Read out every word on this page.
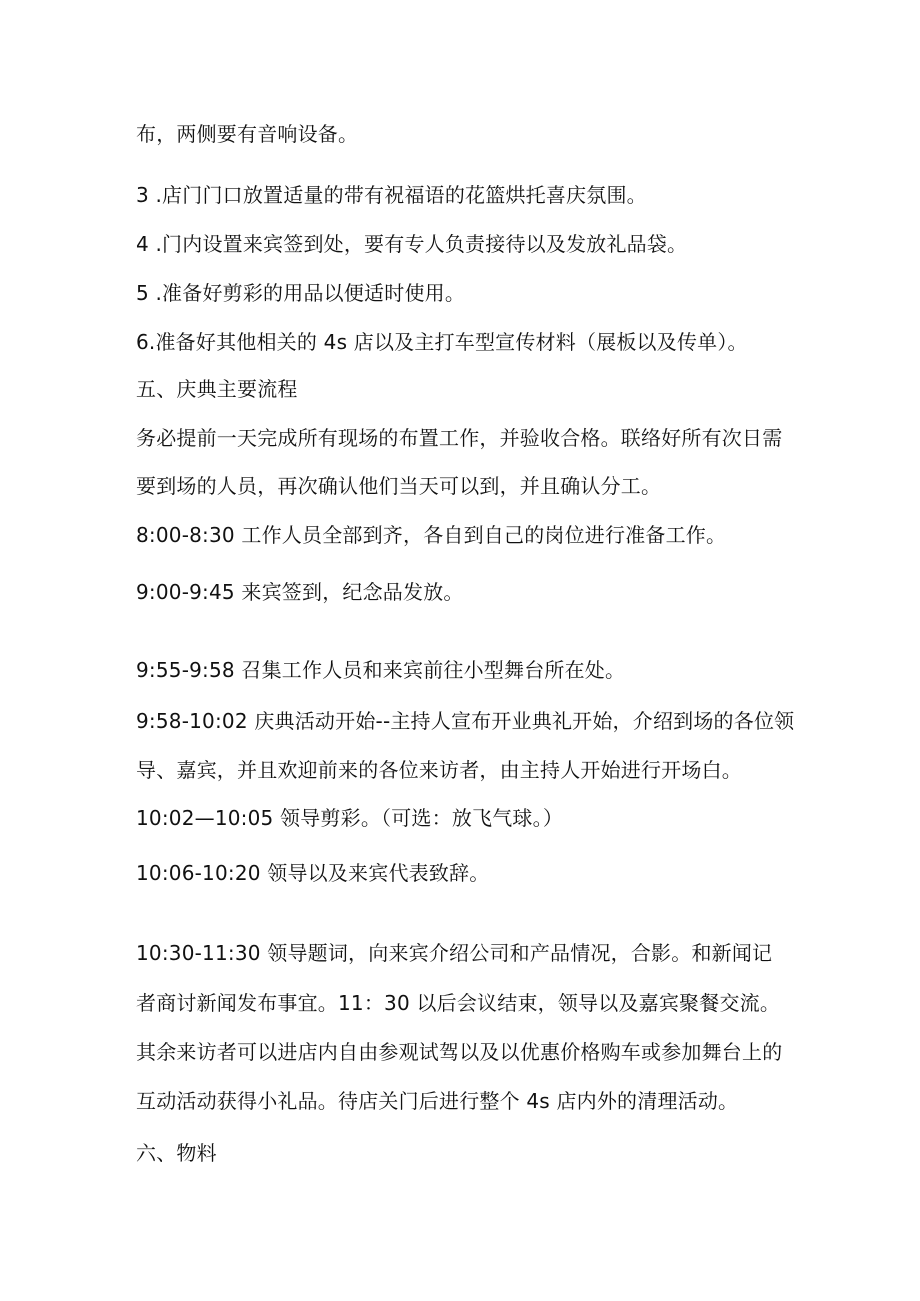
布，两侧要有音响设备。
3 .店门门口放置适量的带有祝福语的花篮烘托喜庆氛围。
4 .门内设置来宾签到处，要有专人负责接待以及发放礼品袋。
5 .准备好剪彩的用品以便适时使用。
6.准备好其他相关的 4s 店以及主打车型宣传材料（展板以及传单）。
五、庆典主要流程
务必提前一天完成所有现场的布置工作，并验收合格。联络好所有次日需
要到场的人员，再次确认他们当天可以到，并且确认分工。
8:00-8:30 工作人员全部到齐，各自到自己的岗位进行准备工作。
9:00-9:45 来宾签到，纪念品发放。
9:55-9:58 召集工作人员和来宾前往小型舞台所在处。
9:58-10:02 庆典活动开始--主持人宣布开业典礼开始，介绍到场的各位领
导、嘉宾，并且欢迎前来的各位来访者，由主持人开始进行开场白。
10:02—10:05 领导剪彩。（可选：放飞气球。）
10:06-10:20 领导以及来宾代表致辞。
10:30-11:30 领导题词，向来宾介绍公司和产品情况，合影。和新闻记
者商讨新闻发布事宜。11：30 以后会议结束，领导以及嘉宾聚餐交流。
其余来访者可以进店内自由参观试驾以及以优惠价格购车或参加舞台上的
互动活动获得小礼品。待店关门后进行整个 4s 店内外的清理活动。
六、物料
